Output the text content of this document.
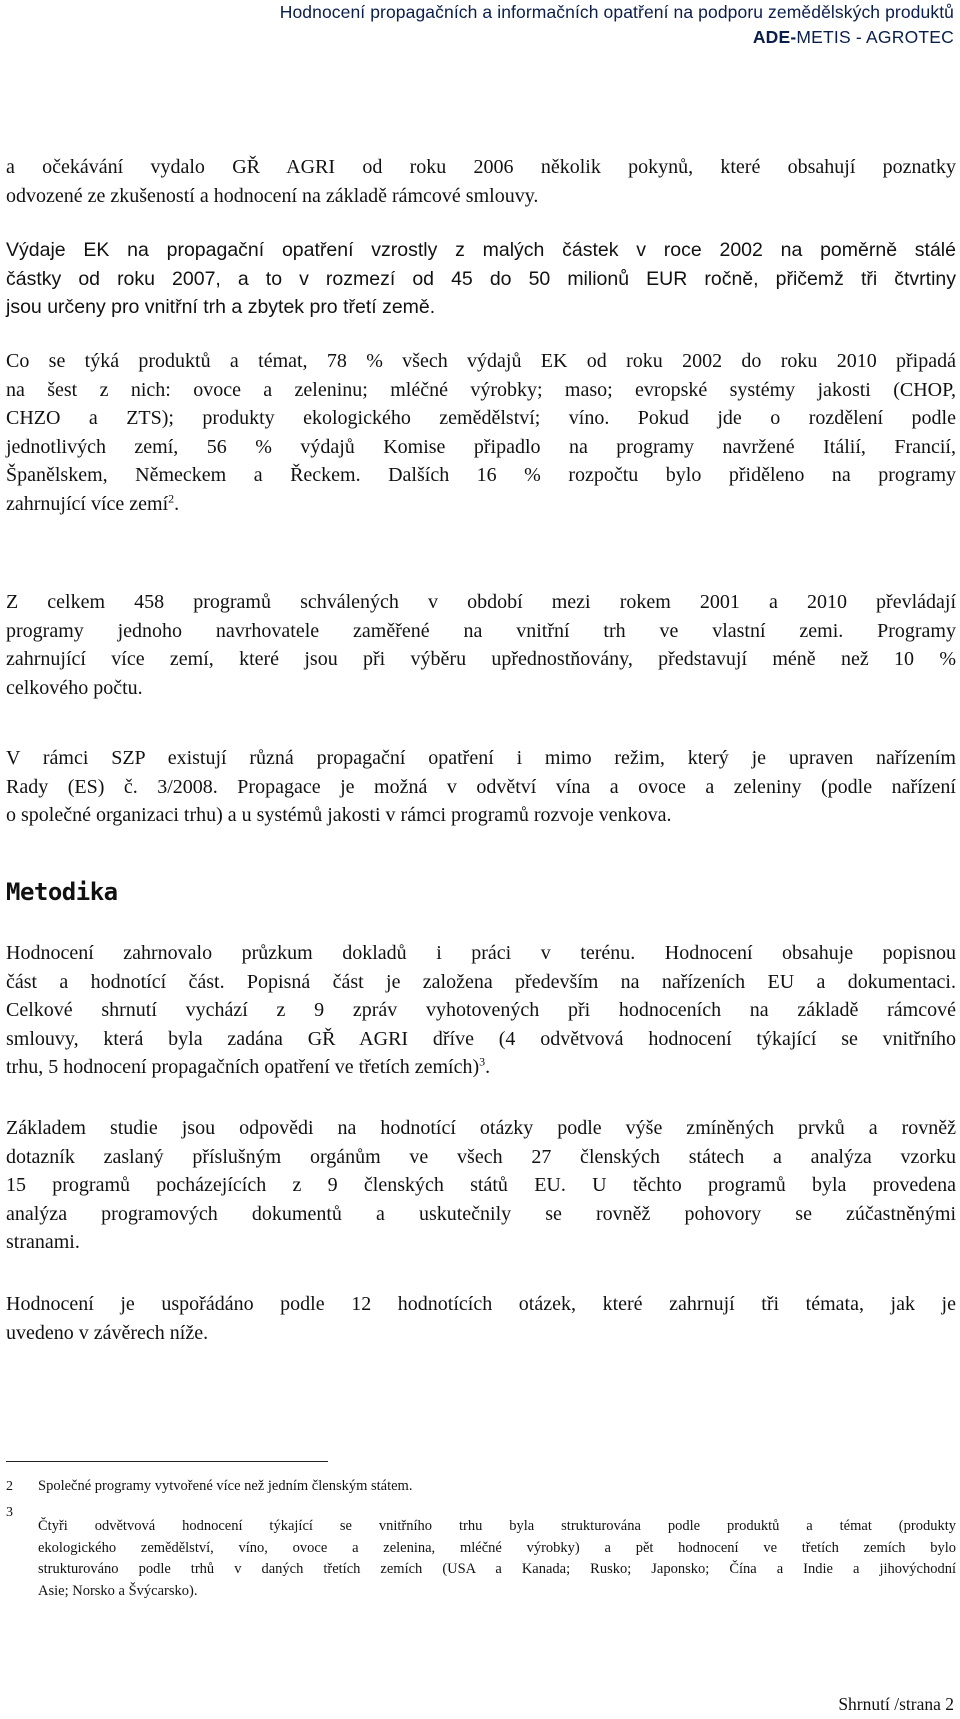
Hodnocení propagačních a informačních opatření na podporu zemědělských produktů
ADE-METIS - AGROTEC

a očekávání vydalo GŘ AGRI od roku 2006 několik pokynů, které obsahují poznatky
odvozené ze zkušeností a hodnocení na základě rámcové smlouvy.

Výdaje EK na propagační opatření vzrostly z malých částek v roce 2002 na poměrně stálé
částky od roku 2007, a to v rozmezí od 45 do 50 milionů EUR ročně, přičemž tři čtvrtiny
jsou určeny pro vnitřní trh a zbytek pro třetí země.

Co se týká produktů a témat, 78 % všech výdajů EK od roku 2002 do roku 2010 připadá
na šest z nich: ovoce a zeleninu; mléčné výrobky; maso; evropské systémy jakosti (CHOP,
CHZO a ZTS); produkty ekologického zemědělství; víno. Pokud jde o rozdělení podle
jednotlivých zemí, 56 % výdajů Komise připadlo na programy navržené Itálií, Francií,
Španělskem, Německem a Řeckem. Dalších 16 % rozpočtu bylo přiděleno na programy
zahrnující více zemí$^2$.

Z celkem 458 programů schválených v období mezi rokem 2001 a 2010 převládají
programy jednoho navrhovatele zaměřené na vnitřní trh ve vlastní zemi. Programy
zahrnující více zemí, které jsou při výběru upřednostňovány, představují méně než 10 %
celkového počtu.

V rámci SZP existují různá propagační opatření i mimo režim, který je upraven nařízením
Rady (ES) č. 3/2008. Propagace je možná v odvětví vína a ovoce a zeleniny (podle nařízení
o společné organizaci trhu) a u systémů jakosti v rámci programů rozvoje venkova.

Metodika

Hodnocení zahrnovalo průzkum dokladů i práci v terénu. Hodnocení obsahuje popisnou
část a hodnotící část. Popisná část je založena především na nařízeních EU a dokumentaci.
Celkové shrnutí vychází z 9 zpráv vyhotovených při hodnoceních na základě rámcové
smlouvy, která byla zadána GŘ AGRI dříve (4 odvětvová hodnocení týkající se vnitřního
trhu, 5 hodnocení propagačních opatření ve třetích zemích)$^3$.

Základem studie jsou odpovědi na hodnotící otázky podle výše zmíněných prvků a rovněž
dotazník zaslaný příslušným orgánům ve všech 27 členských státech a analýza vzorku
15 programů pocházejících z 9 členských států EU. U těchto programů byla provedena
analýza programových dokumentů a uskutečnily se rovněž pohovory se zúčastněnými
stranami.

Hodnocení je uspořádáno podle 12 hodnotících otázek, které zahrnují tři témata, jak je
uvedeno v závěrech níže.

2 Společné programy vytvořené více než jedním členským státem.
3
Čtyři odvětvová hodnocení týkající se vnitřního trhu byla strukturována podle produktů a témat (produkty
ekologického zemědělství, víno, ovoce a zelenina, mléčné výrobky) a pět hodnocení ve třetích zemích bylo
strukturováno podle trhů v daných třetích zemích (USA a Kanada; Rusko; Japonsko; Čína a Indie a jihovýchodní
Asie; Norsko a Švýcarsko).
Shrnutí /strana 2
